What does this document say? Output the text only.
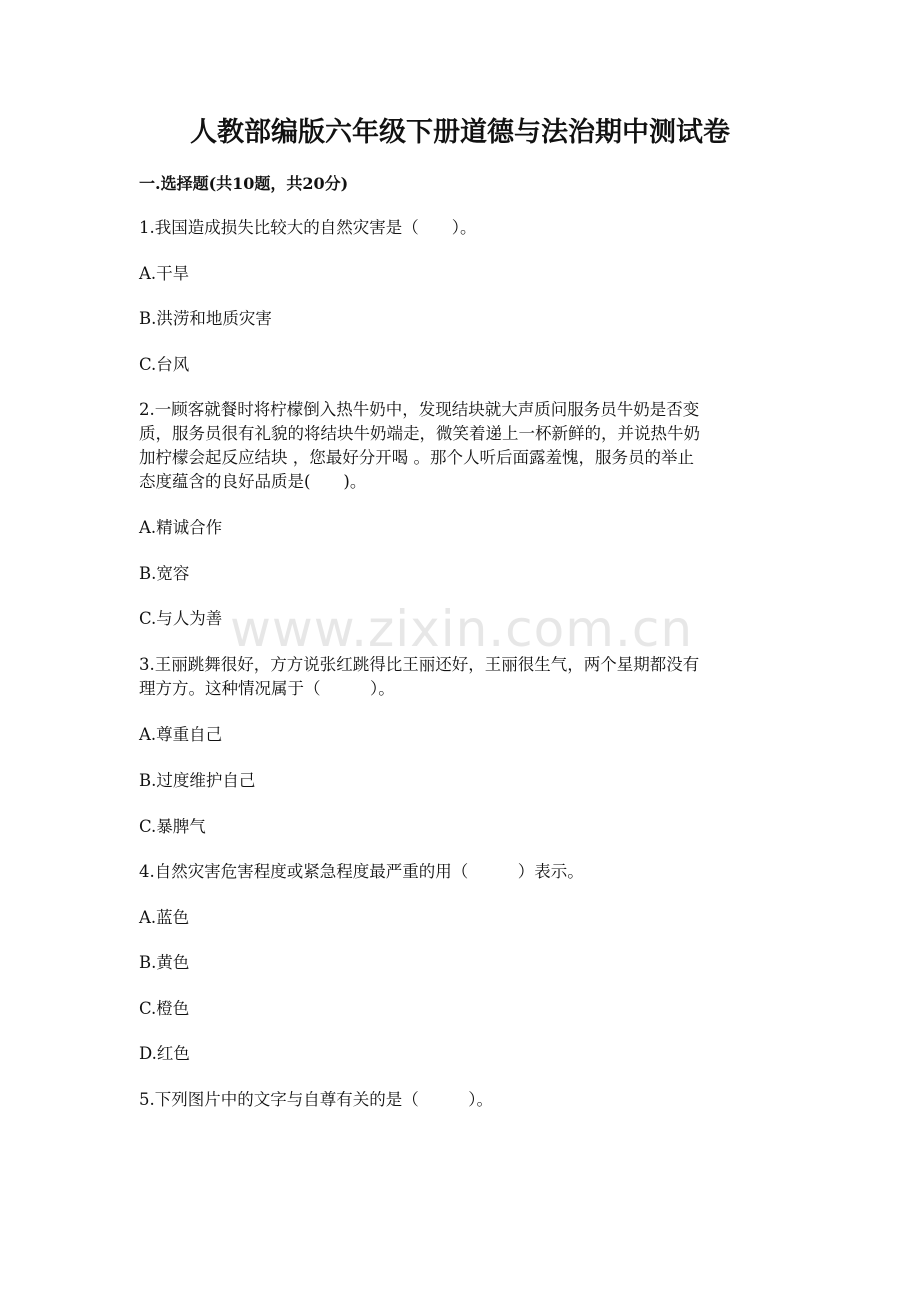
人教部编版六年级下册道德与法治期中测试卷
一.选择题(共10题，共20分)
1.我国造成损失比较大的自然灾害是（　　）。
A.干旱
B.洪涝和地质灾害
C.台风
2.一顾客就餐时将柠檬倒入热牛奶中，发现结块就大声质问服务员牛奶是否变
质，服务员很有礼貌的将结块牛奶端走，微笑着递上一杯新鲜的，并说热牛奶
加柠檬会起反应结块 ，您最好分开喝 。那个人听后面露羞愧，服务员的举止
态度蕴含的良好品质是(　　)。
A.精诚合作
B.宽容
C.与人为善
3.王丽跳舞很好，方方说张红跳得比王丽还好，王丽很生气，两个星期都没有
理方方。这种情况属于（　　　）。
A.尊重自己
B.过度维护自己
C.暴脾气
4.自然灾害危害程度或紧急程度最严重的用（　　　）表示。
A.蓝色
B.黄色
C.橙色
D.红色
5.下列图片中的文字与自尊有关的是（　　　）。
www.zixin.com.cn
